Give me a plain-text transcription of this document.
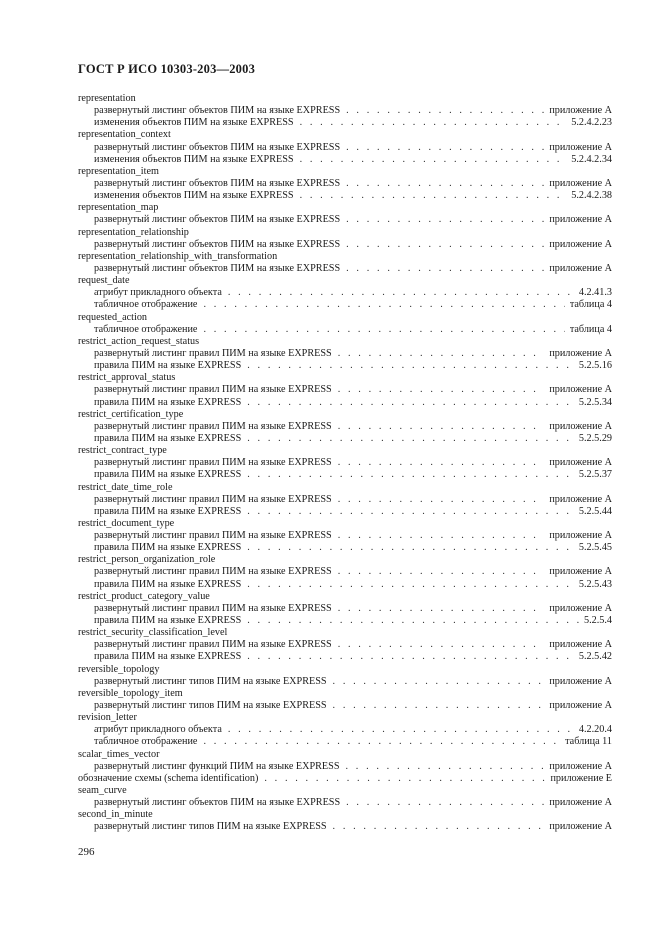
ГОСТ Р ИСО 10303-203—2003
representation
развернутый листинг объектов ПИМ на языке EXPRESS . . .	приложение А
изменения объектов ПИМ на языке EXPRESS . . .	5.2.4.2.23
representation_context
развернутый листинг объектов ПИМ на языке EXPRESS . . .	приложение А
изменения объектов ПИМ на языке EXPRESS . . .	5.2.4.2.34
representation_item
развернутый листинг объектов ПИМ на языке EXPRESS . . .	приложение А
изменения объектов ПИМ на языке EXPRESS . . .	5.2.4.2.38
representation_map
развернутый листинг объектов ПИМ на языке EXPRESS . . .	приложение А
representation_relationship
развернутый листинг объектов ПИМ на языке EXPRESS . . .	приложение А
representation_relationship_with_transformation
развернутый листинг объектов ПИМ на языке EXPRESS . . .	приложение А
request_date
атрибут прикладного объекта . . .	4.2.41.3
табличное отображение . . .	таблица 4
requested_action
табличное отображение . . .	таблица 4
restrict_action_request_status
развернутый листинг правил ПИМ на языке EXPRESS . . .	приложение А
правила ПИМ на языке EXPRESS . . .	5.2.5.16
restrict_approval_status
развернутый листинг правил ПИМ на языке EXPRESS . . .	приложение А
правила ПИМ на языке EXPRESS . . .	5.2.5.34
restrict_certification_type
развернутый листинг правил ПИМ на языке EXPRESS . . .	приложение А
правила ПИМ на языке EXPRESS . . .	5.2.5.29
restrict_contract_type
развернутый листинг правил ПИМ на языке EXPRESS . . .	приложение А
правила ПИМ на языке EXPRESS . . .	5.2.5.37
restrict_date_time_role
развернутый листинг правил ПИМ на языке EXPRESS . . .	приложение А
правила ПИМ на языке EXPRESS . . .	5.2.5.44
restrict_document_type
развернутый листинг правил ПИМ на языке EXPRESS . . .	приложение А
правила ПИМ на языке EXPRESS . . .	5.2.5.45
restrict_person_organization_role
развернутый листинг правил ПИМ на языке EXPRESS . . .	приложение А
правила ПИМ на языке EXPRESS . . .	5.2.5.43
restrict_product_category_value
развернутый листинг правил ПИМ на языке EXPRESS . . .	приложение А
правила ПИМ на языке EXPRESS . . .	5.2.5.4
restrict_security_classification_level
развернутый листинг правил ПИМ на языке EXPRESS . . .	приложение А
правила ПИМ на языке EXPRESS . . .	5.2.5.42
reversible_topology
развернутый листинг типов ПИМ на языке EXPRESS . . .	приложение А
reversible_topology_item
развернутый листинг типов ПИМ на языке EXPRESS . . .	приложение А
revision_letter
атрибут прикладного объекта . . .	4.2.20.4
табличное отображение . . .	таблица 11
scalar_times_vector
развернутый листинг функций ПИМ на языке EXPRESS . . .	приложение А
обозначение схемы (schema identification) . . .	приложение Е
seam_curve
развернутый листинг объектов ПИМ на языке EXPRESS . . .	приложение А
second_in_minute
развернутый листинг типов ПИМ на языке EXPRESS . . .	приложение А
296
